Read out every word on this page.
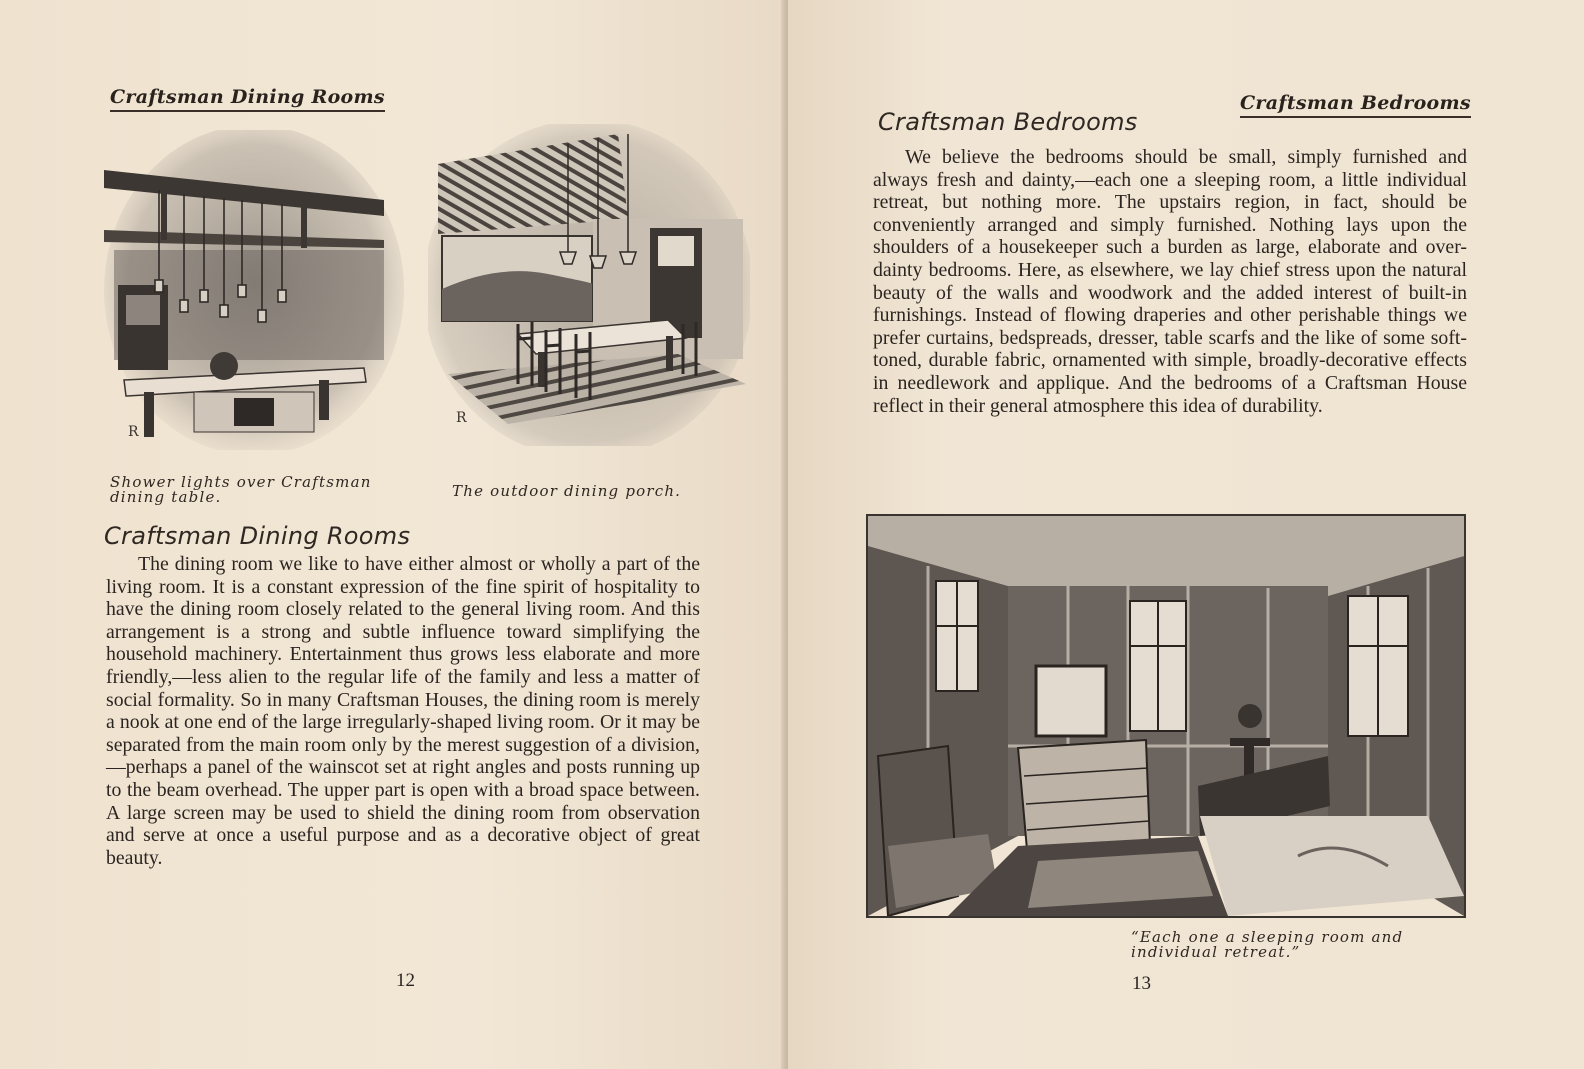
Craftsman Dining Rooms
R
R
Shower lights over Craftsman dining table.	The outdoor dining porch.
Craftsman Dining Rooms

The dining room we like to have either almost or wholly a part of the living room. It is a constant expression of the fine spirit of hospitality to have the dining room closely related to the general living room. And this arrangement is a strong and subtle influence toward simplifying the household machinery. Entertainment thus grows less elaborate and more friendly,—less alien to the regular life of the family and less a matter of social formality. So in many Craftsman Houses, the dining room is merely a nook at one end of the large irregularly-shaped living room. Or it may be separated from the main room only by the merest suggestion of a division,—perhaps a panel of the wainscot set at right angles and posts running up to the beam overhead. The upper part is open with a broad space between. A large screen may be used to shield the dining room from observation and serve at once a useful purpose and as a decorative object of great beauty.

12
Craftsman Bedrooms
Craftsman Bedrooms

We believe the bedrooms should be small, simply furnished and always fresh and dainty,—each one a sleeping room, a little individual retreat, but nothing more. The upstairs region, in fact, should be conveniently arranged and simply furnished. Nothing lays upon the shoulders of a housekeeper such a burden as large, elaborate and over-dainty bedrooms. Here, as elsewhere, we lay chief stress upon the natural beauty of the walls and woodwork and the added interest of built-in furnishings. Instead of flowing draperies and other perishable things we prefer curtains, bedspreads, dresser, table scarfs and the like of some soft-toned, durable fabric, ornamented with simple, broadly-decorative effects in needlework and applique. And the bedrooms of a Craftsman House reflect in their general atmosphere this idea of durability.

“Each one a sleeping room and individual retreat.”
13
